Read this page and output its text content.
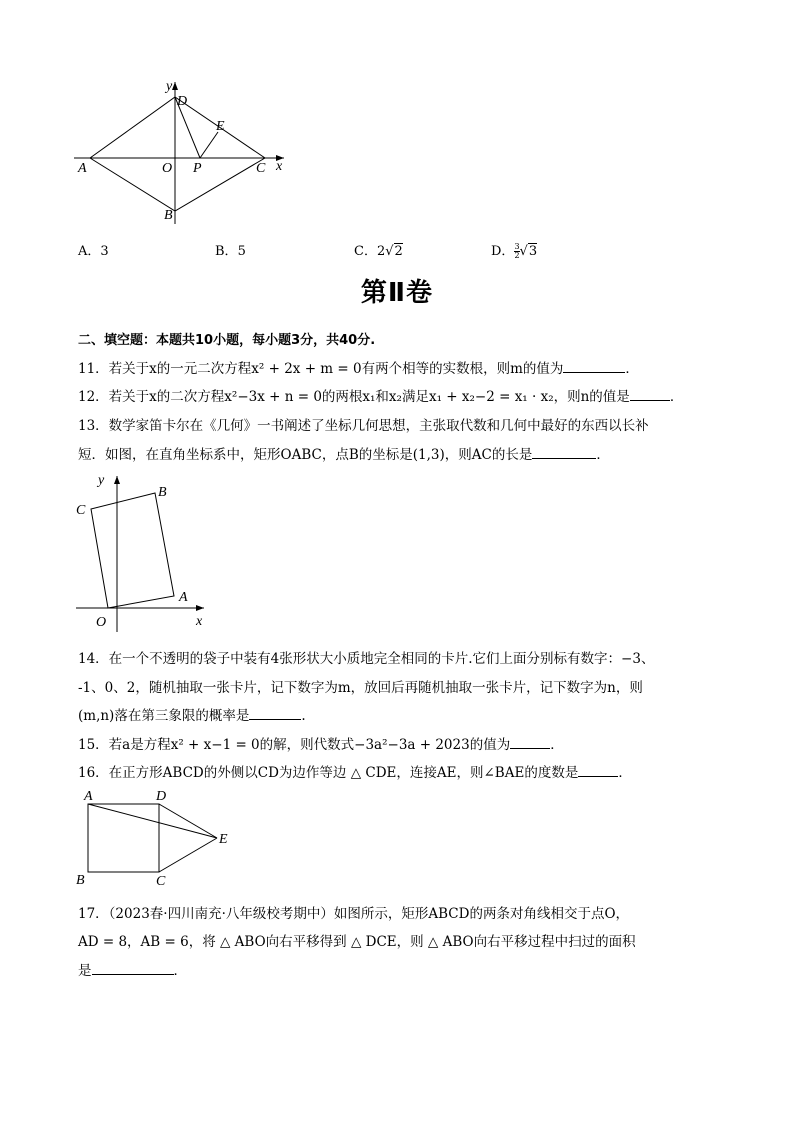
y
D
E
A	O P	C x
B
A．3	B．5	C．2√2	D． $\frac{3}{2} √3$
第Ⅱ卷
二、填空题：本题共10小题，每小题3分，共40分.
11．若关于x的一元二次方程x² + 2x + m = 0有两个相等的实数根，则m的值为	．
12．若关于x的二次方程x²−3x + n = 0的两根x₁和x₂满足x₁ + x₂−2 = x₁ · x₂，则n的值是	．
13．数学家笛卡尔在《几何》一书阐述了坐标几何思想，主张取代数和几何中最好的东西以长补
短．如图，在直角坐标系中，矩形OABC，点B的坐标是(1,3)，则AC的长是	．
y
B
C
A
O	x
14．在一个不透明的袋子中装有4张形状大小质地完全相同的卡片.它们上面分别标有数字：−3、
-1、0、2，随机抽取一张卡片，记下数字为m，放回后再随机抽取一张卡片，记下数字为n，则
(m,n)落在第三象限的概率是	.
15．若a是方程x² + x−1 = 0的解，则代数式−3a²−3a + 2023的值为	．
16．在正方形ABCD的外侧以CD为边作等边 △ CDE，连接AE，则∠BAE的度数是	．
A	D
E
B	C
17．（2023春·四川南充·八年级校考期中）如图所示，矩形ABCD的两条对角线相交于点O，
AD = 8，AB = 6，将 △ ABO向右平移得到 △ DCE，则 △ ABO向右平移过程中扫过的面积
是	．
